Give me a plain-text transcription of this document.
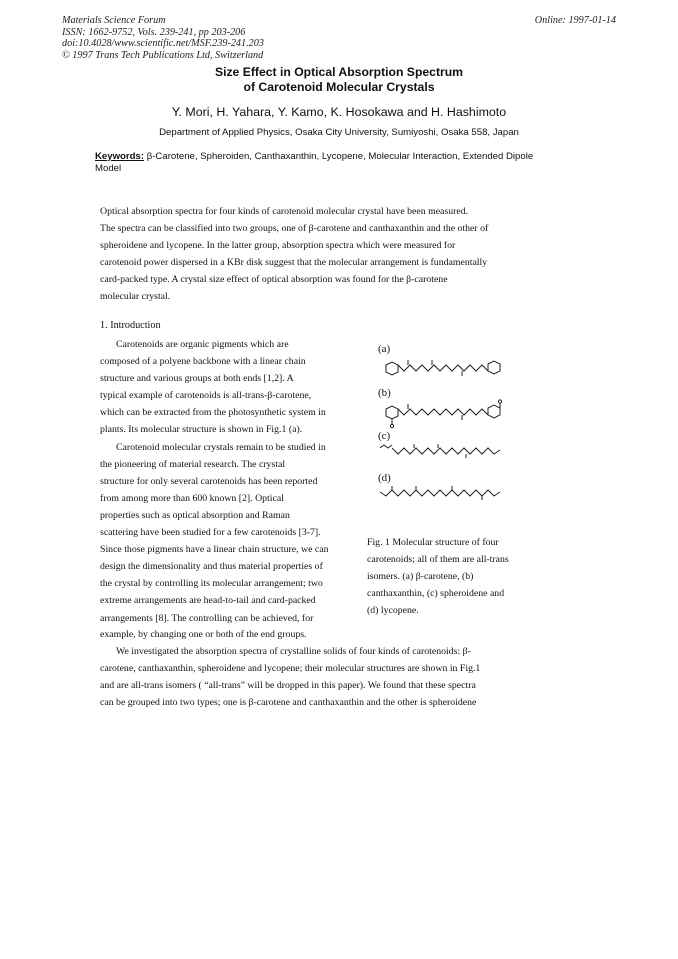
Materials Science Forum
ISSN: 1662-9752, Vols. 239-241, pp 203-206
doi:10.4028/www.scientific.net/MSF.239-241.203
© 1997 Trans Tech Publications Ltd, Switzerland
Online: 1997-01-14
Size Effect in Optical Absorption Spectrum
of Carotenoid Molecular Crystals
Y. Mori, H. Yahara, Y. Kamo, K. Hosokawa and H. Hashimoto
Department of Applied Physics, Osaka City University, Sumiyoshi, Osaka 558, Japan
Keywords: β-Carotene, Spheroiden, Canthaxanthin, Lycopene, Molecular Interaction, Extended Dipole Model
Optical absorption spectra for four kinds of carotenoid molecular crystal have been measured.
The spectra can be classified into two groups, one of β-carotene and canthaxanthin and the other of
spheroidene and lycopene. In the latter group, absorption spectra which were measured for
carotenoid power dispersed in a KBr disk suggest that the molecular arrangement is fundamentally
card-packed type. A crystal size effect of optical absorption was found for the β-carotene
molecular crystal.
1. Introduction
Carotenoids are organic pigments which are
composed of a polyene backbone with a linear chain
structure and various groups at both ends [1,2]. A
typical example of carotenoids is all-trans-β-carotene,
which can be extracted from the photosynthetic system in
plants. Its molecular structure is shown in Fig.1 (a).
Carotenoid molecular crystals remain to be studied in
the pioneering of material research. The crystal
structure for only several carotenoids has been reported
from among more than 600 known [2]. Optical
properties such as optical absorption and Raman
scattering have been studied for a few carotenoids [3-7].
Since those pigments have a linear chain structure, we can
design the dimensionality and thus material properties of
the crystal by controlling its molecular arrangement; two
extreme arrangements are head-to-tail and card-packed
arrangements [8]. The controlling can be achieved, for
example, by changing one or both of the end groups.
We investigated the absorption spectra of crystalline solids of four kinds of carotenoids: β-
carotene, canthaxanthin, spheroidene and lycopene; their molecular structures are shown in Fig.1
and are all-trans isomers ( “all-trans” will be dropped in this paper). We found that these spectra
can be grouped into two types; one is β-carotene and canthaxanthin and the other is spheroidene
(a)
(b)
(c)
(d)
Fig. 1 Molecular structure of four
carotenoids; all of them are all-trans
isomers. (a) β-carotene, (b)
canthaxanthin, (c) spheroidene and
(d) lycopene.
